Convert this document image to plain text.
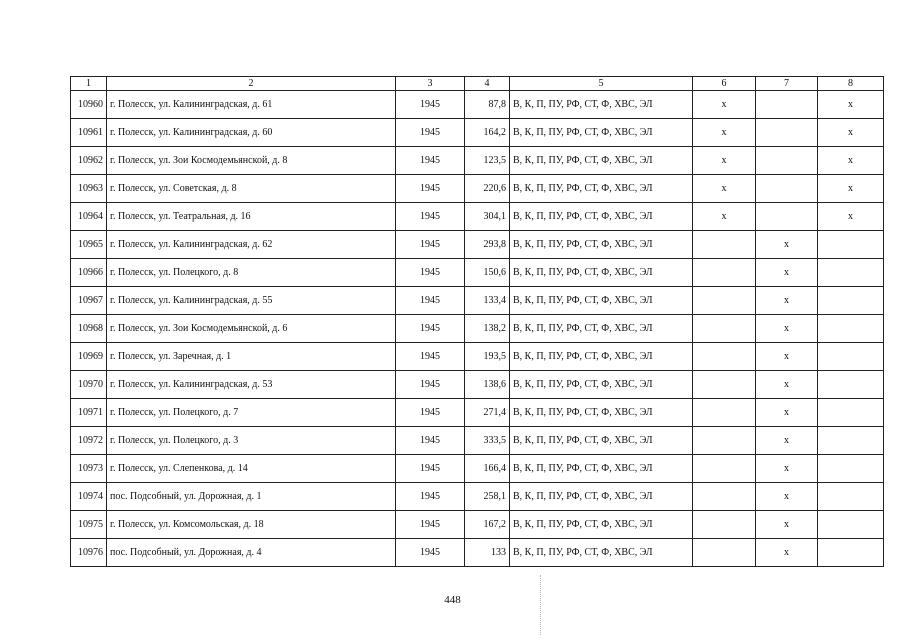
1	2	3	4	5	6	7	8
10960	г. Полесск, ул. Калининградская, д. 61	1945	87,8	В, К, П, ПУ, РФ, СТ, Ф, ХВС, ЭЛ	х		х
10961	г. Полесск, ул. Калининградская, д. 60	1945	164,2	В, К, П, ПУ, РФ, СТ, Ф, ХВС, ЭЛ	х		х
10962	г. Полесск, ул. Зои Космодемьянской, д. 8	1945	123,5	В, К, П, ПУ, РФ, СТ, Ф, ХВС, ЭЛ	х		х
10963	г. Полесск, ул. Советская, д. 8	1945	220,6	В, К, П, ПУ, РФ, СТ, Ф, ХВС, ЭЛ	х		х
10964	г. Полесск, ул. Театральная, д. 16	1945	304,1	В, К, П, ПУ, РФ, СТ, Ф, ХВС, ЭЛ	х		х
10965	г. Полесск, ул. Калининградская, д. 62	1945	293,8	В, К, П, ПУ, РФ, СТ, Ф, ХВС, ЭЛ		х	
10966	г. Полесск, ул. Полецкого, д. 8	1945	150,6	В, К, П, ПУ, РФ, СТ, Ф, ХВС, ЭЛ		х	
10967	г. Полесск, ул. Калининградская, д. 55	1945	133,4	В, К, П, ПУ, РФ, СТ, Ф, ХВС, ЭЛ		х	
10968	г. Полесск, ул. Зои Космодемьянской, д. 6	1945	138,2	В, К, П, ПУ, РФ, СТ, Ф, ХВС, ЭЛ		х	
10969	г. Полесск, ул. Заречная, д. 1	1945	193,5	В, К, П, ПУ, РФ, СТ, Ф, ХВС, ЭЛ		х	
10970	г. Полесск, ул. Калининградская, д. 53	1945	138,6	В, К, П, ПУ, РФ, СТ, Ф, ХВС, ЭЛ		х	
10971	г. Полесск, ул. Полецкого, д. 7	1945	271,4	В, К, П, ПУ, РФ, СТ, Ф, ХВС, ЭЛ		х	
10972	г. Полесск, ул. Полецкого, д. 3	1945	333,5	В, К, П, ПУ, РФ, СТ, Ф, ХВС, ЭЛ		х	
10973	г. Полесск, ул. Слепенкова, д. 14	1945	166,4	В, К, П, ПУ, РФ, СТ, Ф, ХВС, ЭЛ		х	
10974	пос. Подсобный, ул. Дорожная, д. 1	1945	258,1	В, К, П, ПУ, РФ, СТ, Ф, ХВС, ЭЛ		х	
10975	г. Полесск, ул. Комсомольская, д. 18	1945	167,2	В, К, П, ПУ, РФ, СТ, Ф, ХВС, ЭЛ		х	
10976	пос. Подсобный, ул. Дорожная, д. 4	1945	133	В, К, П, ПУ, РФ, СТ, Ф, ХВС, ЭЛ		х	
448
